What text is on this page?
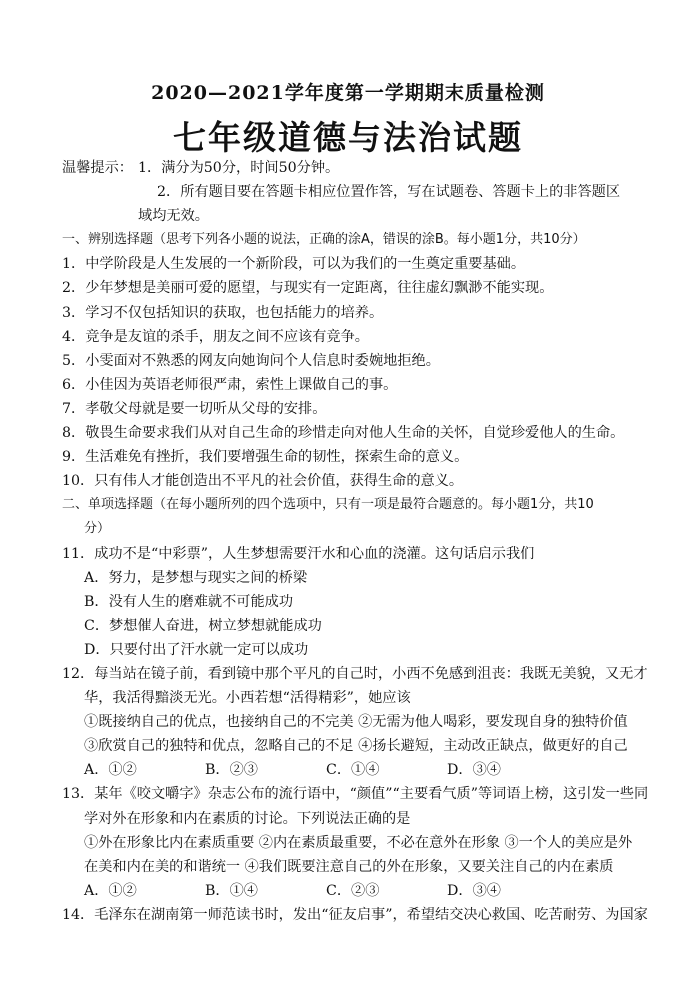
2020—2021学年度第一学期期末质量检测
七年级道德与法治试题
温馨提示： 1．满分为50分，时间50分钟。
2．所有题目要在答题卡相应位置作答，写在试题卷、答题卡上的非答题区
域均无效。
一、辨别选择题（思考下列各小题的说法，正确的涂A，错误的涂B。每小题1分，共10分）
1．中学阶段是人生发展的一个新阶段，可以为我们的一生奠定重要基础。
2．少年梦想是美丽可爱的愿望，与现实有一定距离，往往虚幻飘渺不能实现。
3．学习不仅包括知识的获取，也包括能力的培养。
4．竞争是友谊的杀手，朋友之间不应该有竞争。
5．小雯面对不熟悉的网友向她询问个人信息时委婉地拒绝。
6．小佳因为英语老师很严肃，索性上课做自己的事。
7．孝敬父母就是要一切听从父母的安排。
8．敬畏生命要求我们从对自己生命的珍惜走向对他人生命的关怀，自觉珍爱他人的生命。
9．生活难免有挫折，我们要增强生命的韧性，探索生命的意义。
10．只有伟人才能创造出不平凡的社会价值，获得生命的意义。
二、单项选择题（在每小题所列的四个选项中，只有一项是最符合题意的。每小题1分，共10
分）
11．成功不是“中彩票”，人生梦想需要汗水和心血的浇灌。这句话启示我们
A．努力，是梦想与现实之间的桥梁
B．没有人生的磨难就不可能成功
C．梦想催人奋进，树立梦想就能成功
D．只要付出了汗水就一定可以成功
12．每当站在镜子前，看到镜中那个平凡的自己时，小西不免感到沮丧：我既无美貌，又无才
华，我活得黯淡无光。小西若想“活得精彩”，她应该
①既接纳自己的优点，也接纳自己的不完美 ②无需为他人喝彩，要发现自身的独特价值
③欣赏自己的独特和优点，忽略自己的不足 ④扬长避短，主动改正缺点，做更好的自己
A．①②	B．②③	C．①④	D．③④
13．某年《咬文嚼字》杂志公布的流行语中，“颜值”“主要看气质”等词语上榜，这引发一些同
学对外在形象和内在素质的讨论。下列说法正确的是
①外在形象比内在素质重要 ②内在素质最重要，不必在意外在形象 ③一个人的美应是外
在美和内在美的和谐统一 ④我们既要注意自己的外在形象，又要关注自己的内在素质
A．①②	B．①④	C．②③	D．③④
14．毛泽东在湖南第一师范读书时，发出“征友启事”，希望结交决心救国、吃苦耐劳、为国家
